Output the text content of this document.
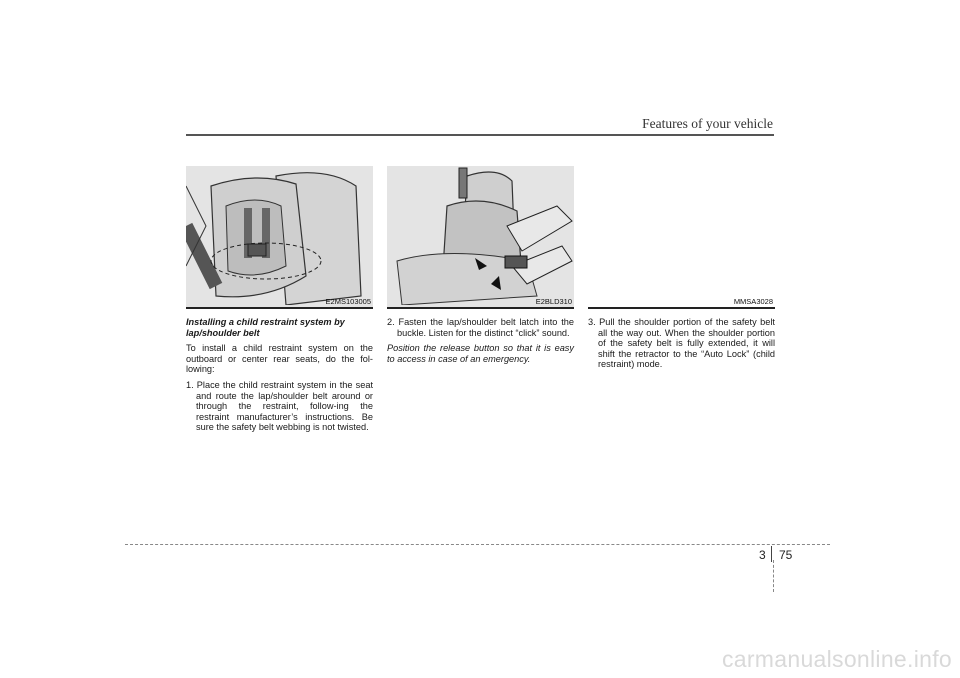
Features of your vehicle
E2MS103005

Installing a child restraint system by lap/shoulder belt

To install a child restraint system on the outboard or center rear seats, do the fol-lowing:

1. Place the child restraint system in the seat and route the lap/shoulder belt around or through the restraint, follow-ing the restraint manufacturer’s instructions. Be sure the safety belt webbing is not twisted.

E2BLD310

2. Fasten the lap/shoulder belt latch into the buckle. Listen for the distinct “click” sound.

Position the release button so that it is easy to access in case of an emergency.

MMSA3028

3. Pull the shoulder portion of the safety belt all the way out. When the shoulder portion of the safety belt is fully extended, it will shift the retractor to the “Auto Lock” (child restraint) mode.

3 75
carmanualsonline.info
